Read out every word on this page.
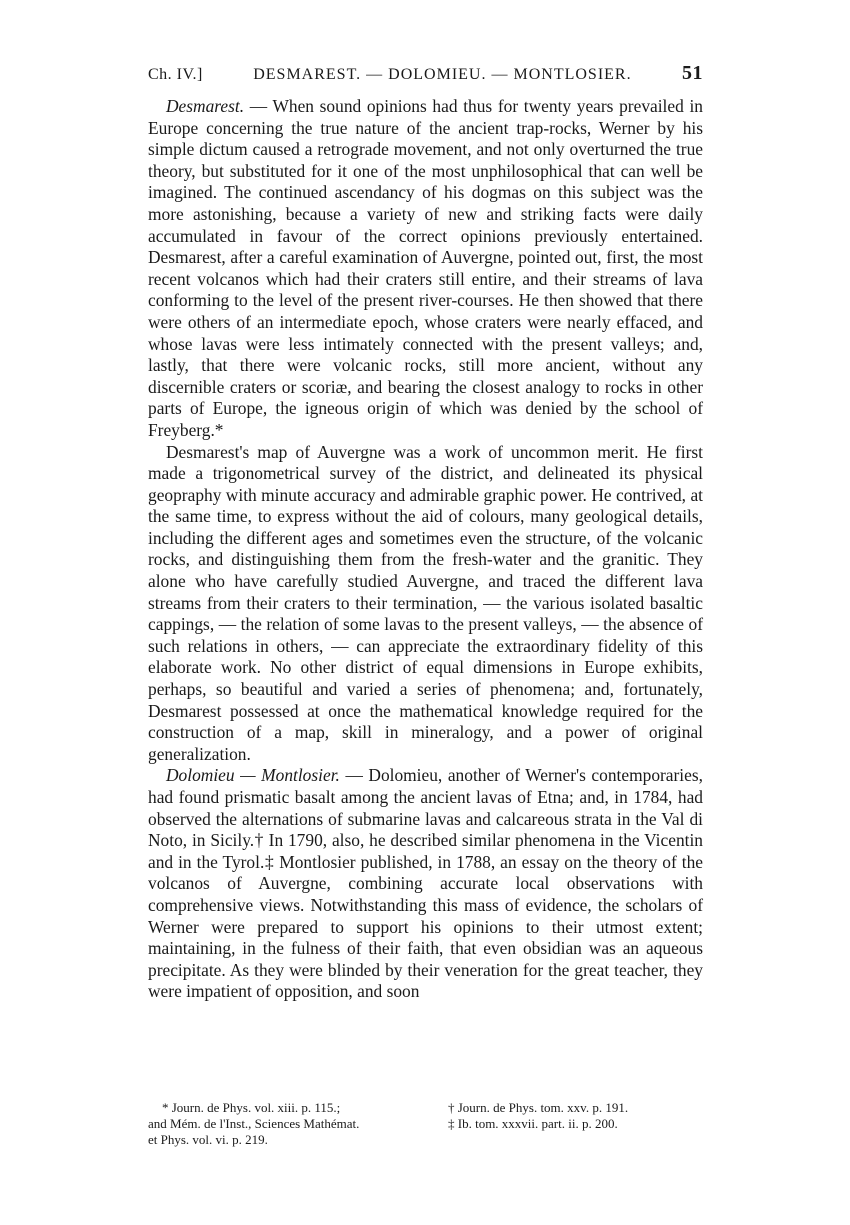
Ch. IV.]	DESMAREST. — DOLOMIEU. — MONTLOSIER.	51

Desmarest. — When sound opinions had thus for twenty years prevailed in Europe concerning the true nature of the ancient trap-rocks, Werner by his simple dictum caused a retrograde movement, and not only overturned the true theory, but substituted for it one of the most unphilosophical that can well be imagined. The continued ascendancy of his dogmas on this subject was the more astonishing, because a variety of new and striking facts were daily accumulated in favour of the correct opinions previously entertained. Desmarest, after a careful examination of Auvergne, pointed out, first, the most recent volcanos which had their craters still entire, and their streams of lava conforming to the level of the present river-courses. He then showed that there were others of an intermediate epoch, whose craters were nearly effaced, and whose lavas were less intimately connected with the present valleys; and, lastly, that there were volcanic rocks, still more ancient, without any discernible craters or scoriæ, and bearing the closest analogy to rocks in other parts of Europe, the igneous origin of which was denied by the school of Freyberg.*

Desmarest's map of Auvergne was a work of uncommon merit. He first made a trigonometrical survey of the district, and delineated its physical geopraphy with minute accuracy and admirable graphic power. He contrived, at the same time, to express without the aid of colours, many geological details, including the different ages and sometimes even the structure, of the volcanic rocks, and distinguishing them from the fresh-water and the granitic. They alone who have carefully studied Auvergne, and traced the different lava streams from their craters to their termination, — the various isolated basaltic cappings, — the relation of some lavas to the present valleys, — the absence of such relations in others, — can appreciate the extraordinary fidelity of this elaborate work. No other district of equal dimensions in Europe exhibits, perhaps, so beautiful and varied a series of phenomena; and, fortunately, Desmarest possessed at once the mathematical knowledge required for the construction of a map, skill in mineralogy, and a power of original generalization.

Dolomieu — Montlosier. — Dolomieu, another of Werner's contemporaries, had found prismatic basalt among the ancient lavas of Etna; and, in 1784, had observed the alternations of submarine lavas and calcareous strata in the Val di Noto, in Sicily.† In 1790, also, he described similar phenomena in the Vicentin and in the Tyrol.‡ Montlosier published, in 1788, an essay on the theory of the volcanos of Auvergne, combining accurate local observations with comprehensive views. Notwithstanding this mass of evidence, the scholars of Werner were prepared to support his opinions to their utmost extent; maintaining, in the fulness of their faith, that even obsidian was an aqueous precipitate. As they were blinded by their veneration for the great teacher, they were impatient of opposition, and soon

* Journ. de Phys. vol. xiii. p. 115.;
and Mém. de l'Inst., Sciences Mathémat.
et Phys. vol. vi. p. 219.
† Journ. de Phys. tom. xxv. p. 191.
‡ Ib. tom. xxxvii. part. ii. p. 200.
